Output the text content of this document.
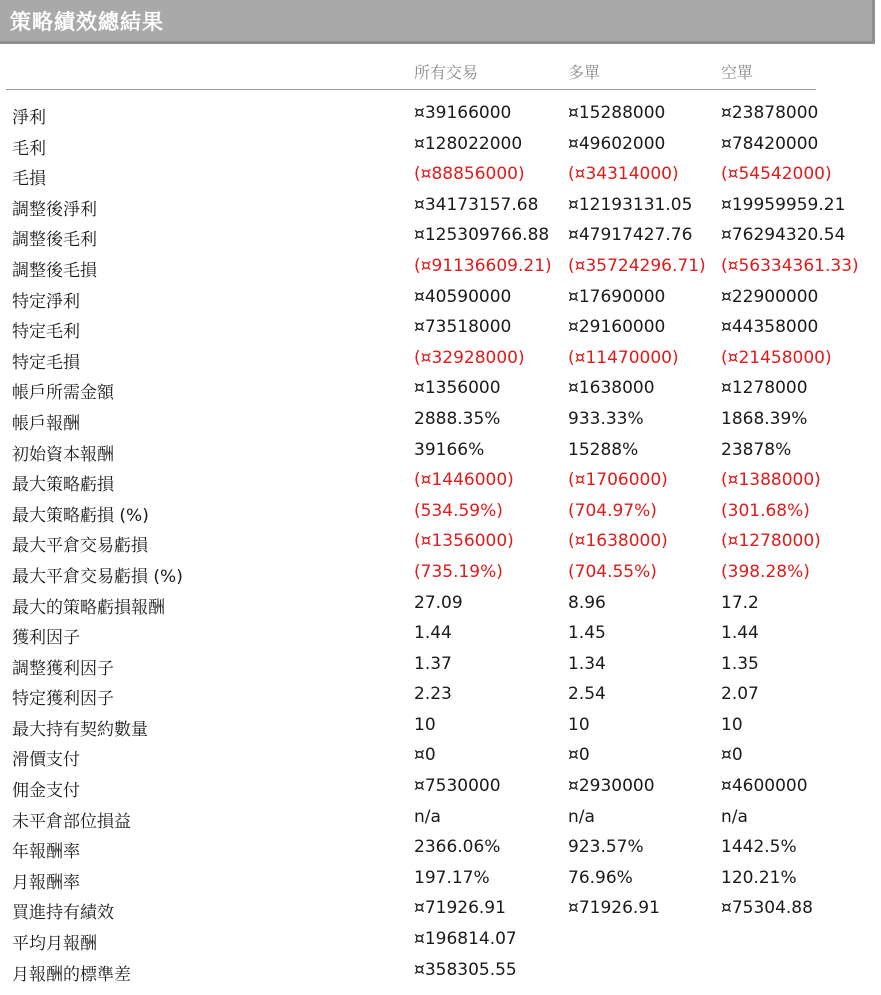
策略績效總結果
所有交易	多單	空單
淨利	¤39166000	¤15288000	¤23878000
毛利	¤128022000	¤49602000	¤78420000
毛損	(¤88856000)	(¤34314000) (¤54542000)
調整後淨利	¤34173157.68 ¤12193131.05 ¤19959959.21
調整後毛利	¤125309766.88 ¤47917427.76 ¤76294320.54
調整後毛損	(¤91136609.21) (¤35724296.71) (¤56334361.33)
特定淨利	¤40590000	¤17690000	¤22900000
特定毛利	¤73518000	¤29160000	¤44358000
特定毛損	(¤32928000)	(¤11470000) (¤21458000)
帳戶所需金額	¤1356000	¤1638000	¤1278000
帳戶報酬	2888.35%	933.33%	1868.39%
初始資本報酬	39166%	15288%	23878%
最大策略虧損	(¤1446000)	(¤1706000)	(¤1388000)
最大策略虧損 (%)	(534.59%)	(704.97%)	(301.68%)
最大平倉交易虧損	(¤1356000)	(¤1638000)	(¤1278000)
最大平倉交易虧損 (%)	(735.19%)	(704.55%)	(398.28%)
最大的策略虧損報酬	27.09	8.96	17.2
獲利因子	1.44	1.45	1.44
調整獲利因子	1.37	1.34	1.35
特定獲利因子	2.23	2.54	2.07
最大持有契約數量	10	10	10
滑價支付	¤0	¤0	¤0
佣金支付	¤7530000	¤2930000	¤4600000
未平倉部位損益	n/a	n/a	n/a
年報酬率	2366.06%	923.57%	1442.5%
月報酬率	197.17%	76.96%	120.21%
買進持有績效	¤71926.91	¤71926.91	¤75304.88
平均月報酬	¤196814.07
月報酬的標準差	¤358305.55
